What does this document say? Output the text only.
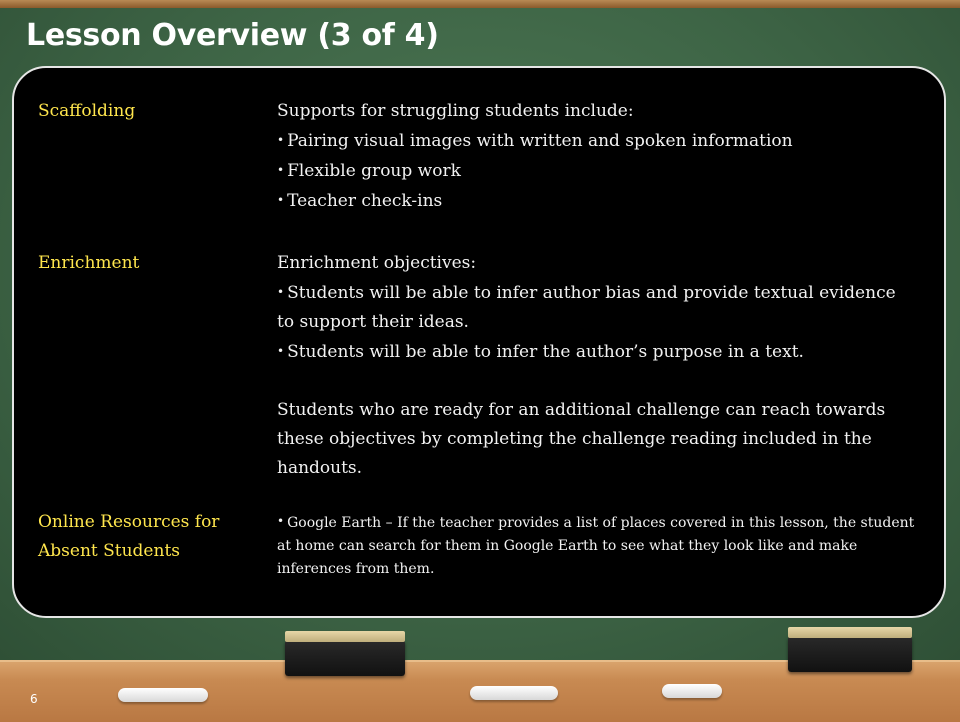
Lesson Overview (3 of 4)
Scaffolding	Supports for struggling students include:

• Pairing visual images with written and spoken information
• Flexible group work
• Teacher check-ins
Enrichment	Enrichment objectives:

• Students will be able to infer author bias and provide textual evidence to support their ideas.
• Students will be able to infer the author’s purpose in a text.

Students who are ready for an additional challenge can reach towards these objectives by completing the challenge reading included in the handouts.

Online Resources for Absent Students
• Google Earth – If the teacher provides a list of places covered in this lesson, the student at home can search for them in Google Earth to see what they look like and make inferences from them.
6
